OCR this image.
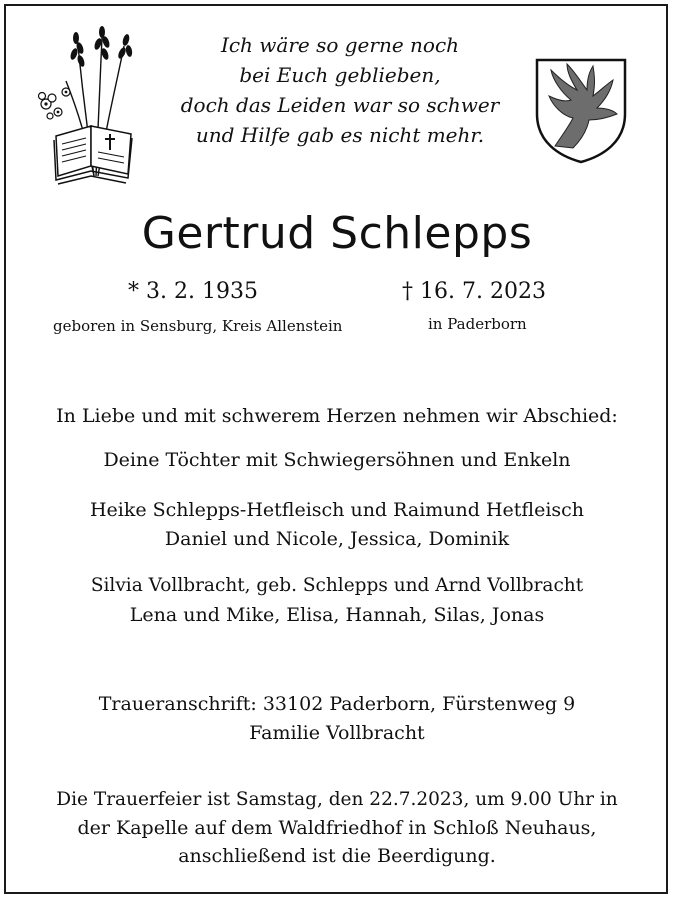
Ich wäre so gerne noch
bei Euch geblieben,
doch das Leiden war so schwer
und Hilfe gab es nicht mehr.
Gertrud Schlepps
* 3. 2. 1935	† 16. 7. 2023
geboren in Sensburg, Kreis Allenstein	in Paderborn
In Liebe und mit schwerem Herzen nehmen wir Abschied:
Deine Töchter mit Schwiegersöhnen und Enkeln
Heike Schlepps-Hetfleisch und Raimund Hetfleisch
Daniel und Nicole, Jessica, Dominik
Silvia Vollbracht, geb. Schlepps und Arnd Vollbracht
Lena und Mike, Elisa, Hannah, Silas, Jonas
Traueranschrift: 33102 Paderborn, Fürstenweg 9
Familie Vollbracht
Die Trauerfeier ist Samstag, den 22.7.2023, um 9.00 Uhr in
der Kapelle auf dem Waldfriedhof in Schloß Neuhaus,
anschließend ist die Beerdigung.
